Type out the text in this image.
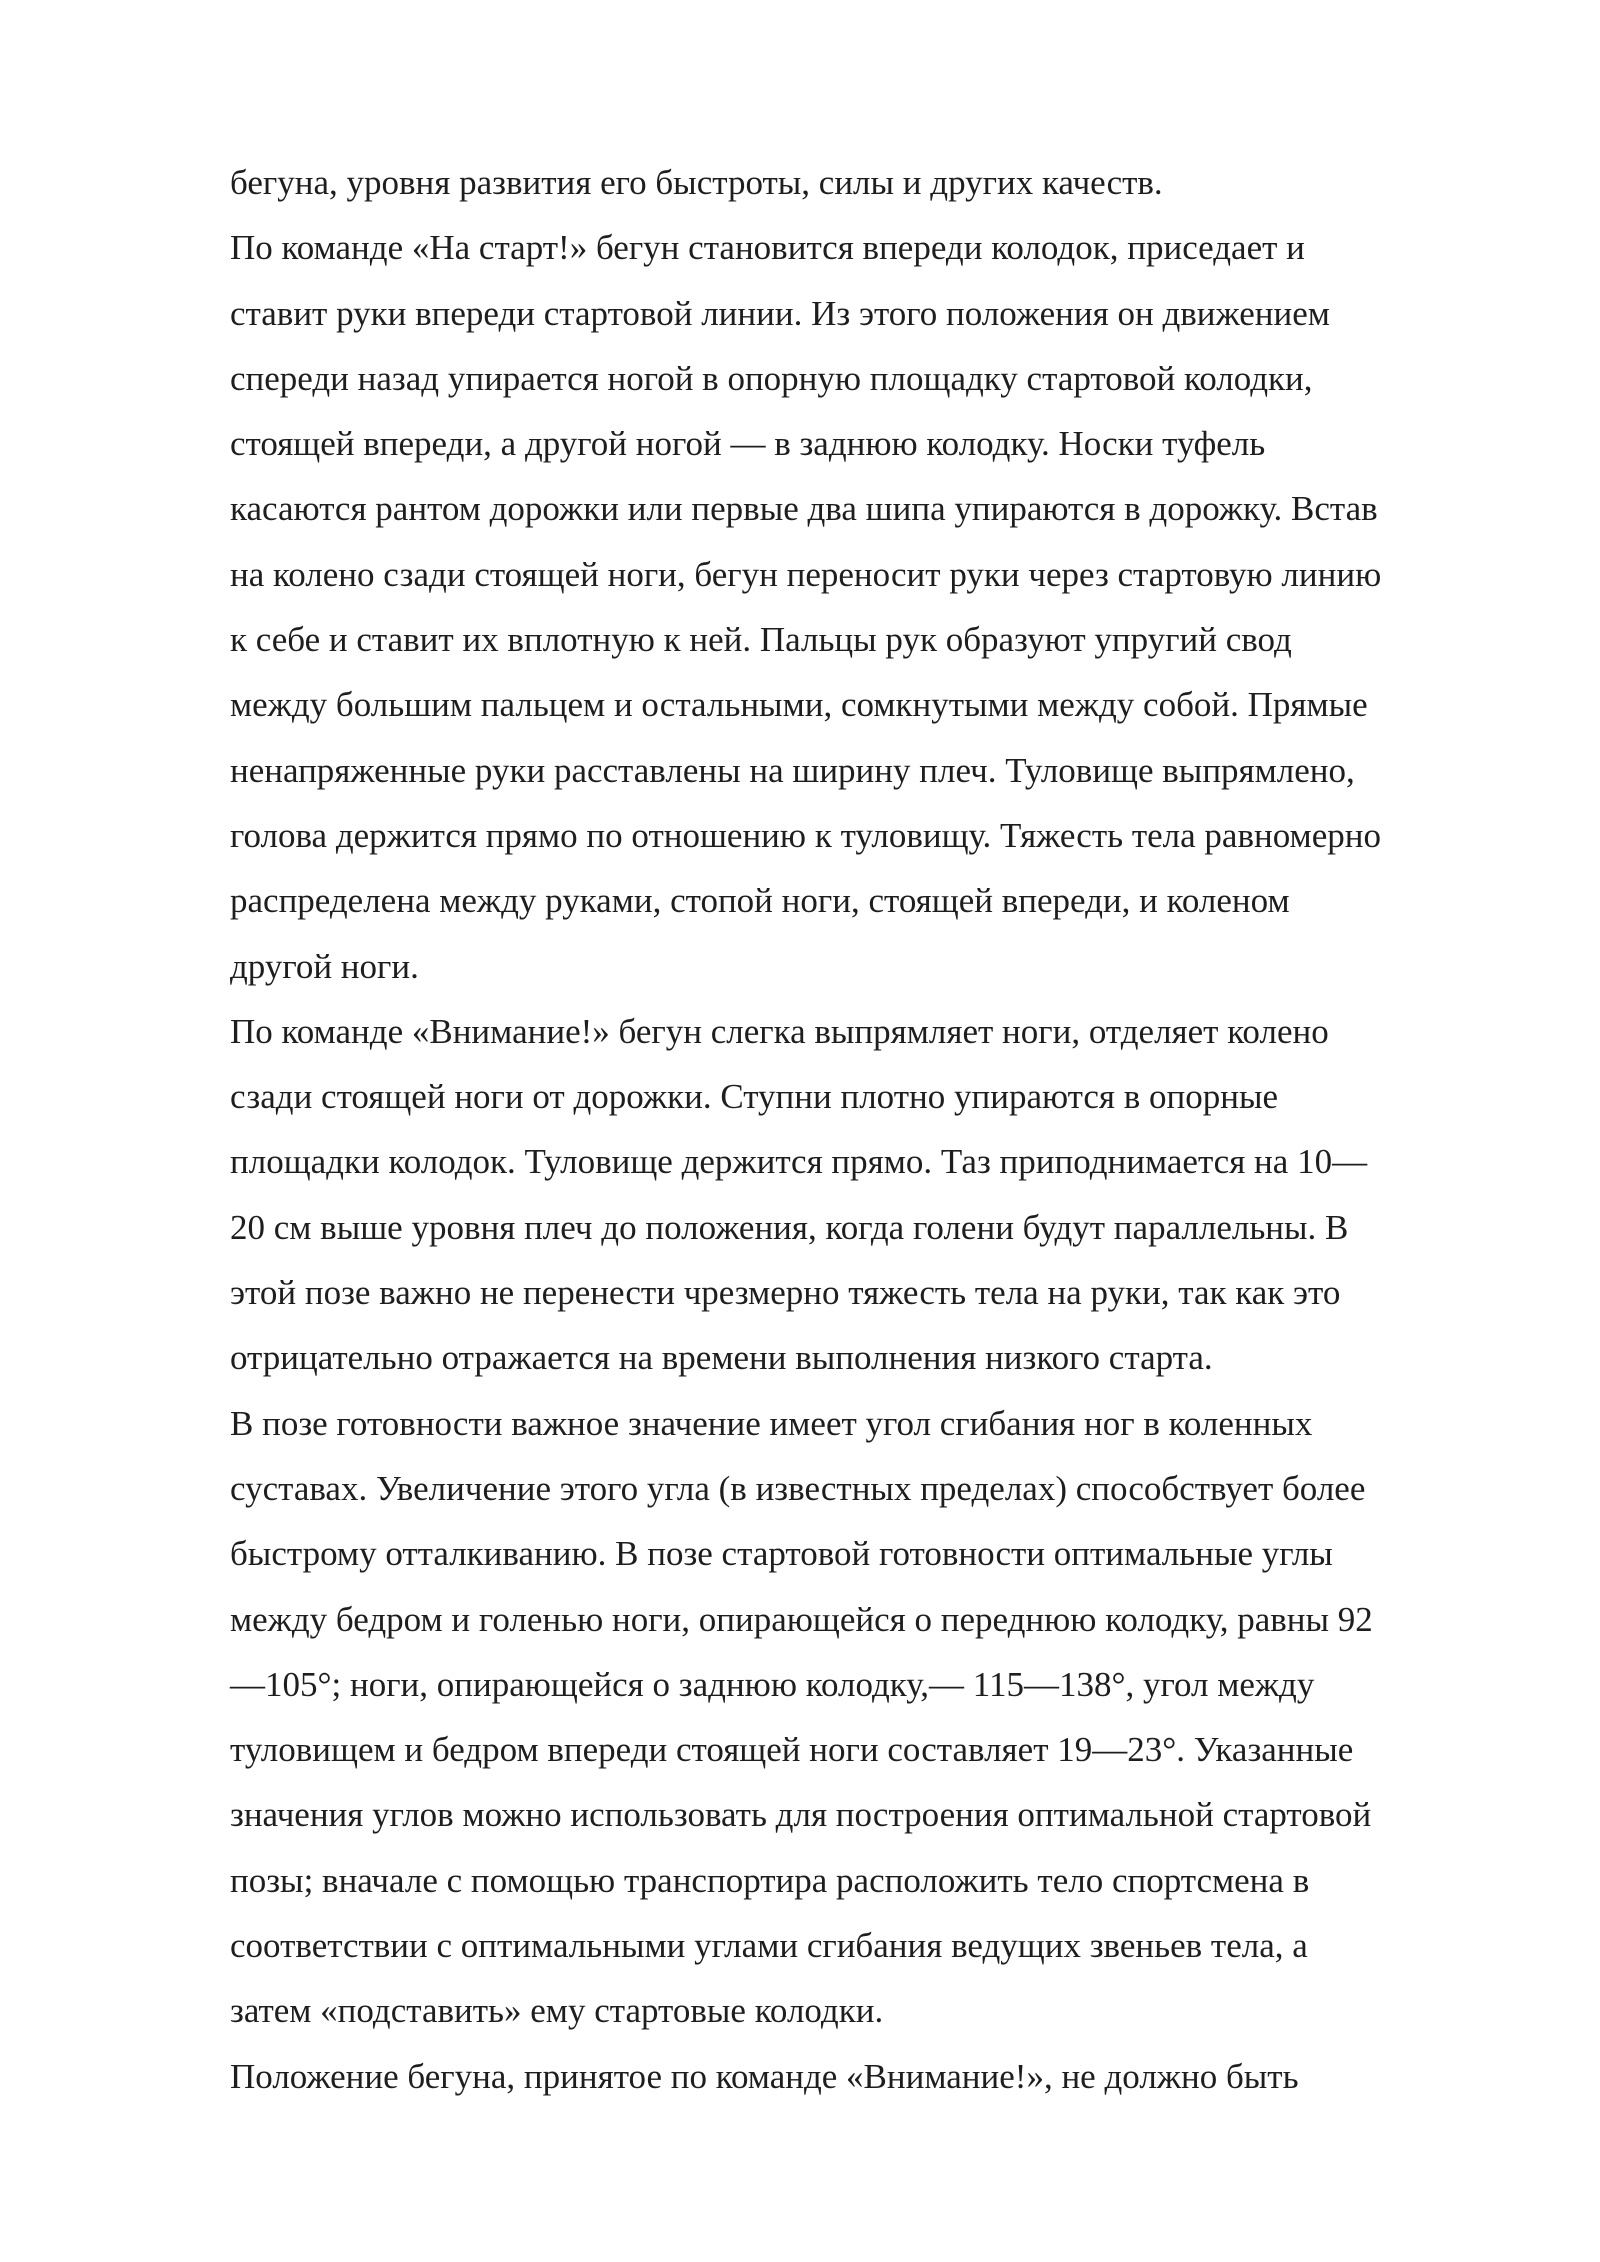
бегуна, уровня развития его быстроты, силы и других качеств.
По команде «На старт!» бегун становится впереди колодок, приседает и
ставит руки впереди стартовой линии. Из этого положения он движением
спереди назад упирается ногой в опорную площадку стартовой колодки,
стоящей впереди, а другой ногой — в заднюю колодку. Носки туфель
касаются рантом дорожки или первые два шипа упираются в дорожку. Встав
на колено сзади стоящей ноги, бегун переносит руки через стартовую линию
к себе и ставит их вплотную к ней. Пальцы рук образуют упругий свод
между большим пальцем и остальными, сомкнутыми между собой. Прямые
ненапряженные руки расставлены на ширину плеч. Туловище выпрямлено,
голова держится прямо по отношению к туловищу. Тяжесть тела равномерно
распределена между руками, стопой ноги, стоящей впереди, и коленом
другой ноги.
По команде «Внимание!» бегун слегка выпрямляет ноги, отделяет колено
сзади стоящей ноги от дорожки. Ступни плотно упираются в опорные
площадки колодок. Туловище держится прямо. Таз приподнимается на 10—
20 см выше уровня плеч до положения, когда голени будут параллельны. В
этой позе важно не перенести чрезмерно тяжесть тела на руки, так как это
отрицательно отражается на времени выполнения низкого старта.
В позе готовности важное значение имеет угол сгибания ног в коленных
суставах. Увеличение этого угла (в известных пределах) способствует более
быстрому отталкиванию. В позе стартовой готовности оптимальные углы
между бедром и голенью ноги, опирающейся о переднюю колодку, равны 92
—105°; ноги, опирающейся о заднюю колодку,— 115—138°, угол между
туловищем и бедром впереди стоящей ноги составляет 19—23°. Указанные
значения углов можно использовать для построения оптимальной стартовой
позы; вначале с помощью транспортира расположить тело спортсмена в
соответствии с оптимальными углами сгибания ведущих звеньев тела, а
затем «подставить» ему стартовые колодки.
Положение бегуна, принятое по команде «Внимание!», не должно быть
